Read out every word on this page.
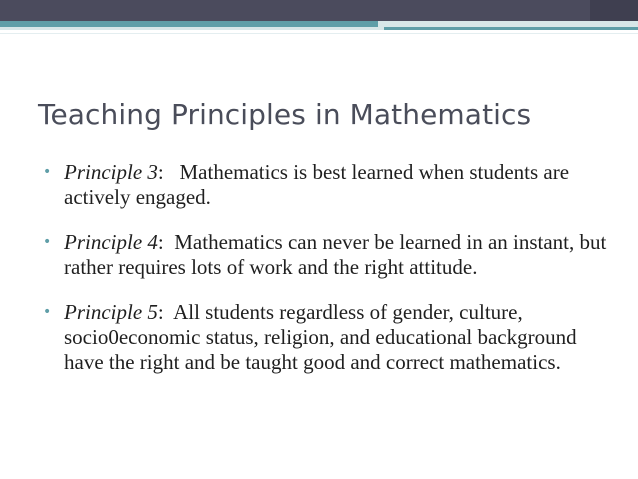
Teaching Principles in Mathematics
• Principle 3:   Mathematics is best learned when students are actively engaged.
• Principle 4:  Mathematics can never be learned in an instant, but rather requires lots of work and the right attitude.
• Principle 5:  All students regardless of gender, culture, socio0economic status, religion, and educational background have the right and be taught good and correct mathematics.
